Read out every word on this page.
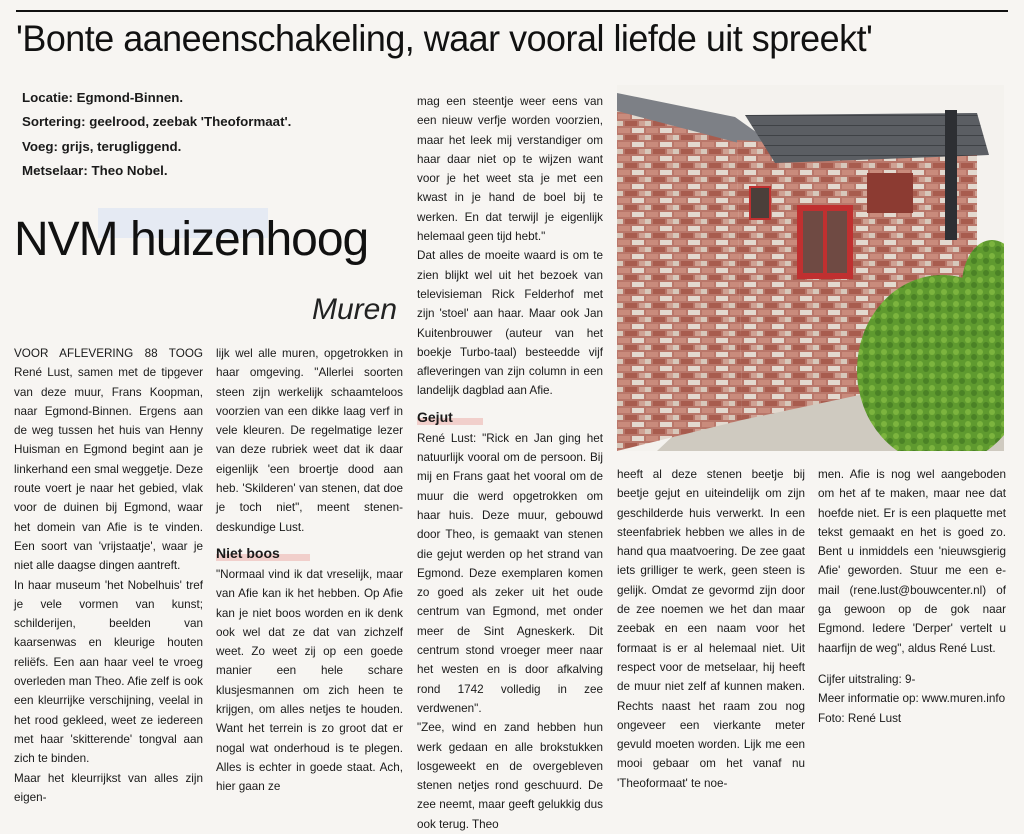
'Bonte aaneenschakeling, waar vooral liefde uit spreekt'
Locatie: Egmond-Binnen.
Sortering: geelrood, zeebak 'Theoformaat'.
Voeg: grijs, terugliggend.
Metselaar: Theo Nobel.
NVM huizenhoog
Muren

VOOR AFLEVERING 88 TOOG René Lust, samen met de tipgever van deze muur, Frans Koopman, naar Egmond-Binnen. Ergens aan de weg tussen het huis van Henny Huisman en Egmond begint aan je linkerhand een smal weggetje. Deze route voert je naar het gebied, vlak voor de duinen bij Egmond, waar het domein van Afie is te vinden. Een soort van 'vrijstaatje', waar je niet alle daagse dingen aantreft.

In haar museum 'het Nobelhuis' tref je vele vormen van kunst; schilderijen, beelden van kaarsenwas en kleurige houten reliëfs. Een aan haar veel te vroeg overleden man Theo. Afie zelf is ook een kleurrijke verschijning, veelal in het rood gekleed, weet ze iedereen met haar 'skitterende' tongval aan zich te binden.

Maar het kleurrijkst van alles zijn eigen-

lijk wel alle muren, opgetrokken in haar omgeving. "Allerlei soorten steen zijn werkelijk schaamteloos voorzien van een dikke laag verf in vele kleuren. De regelmatige lezer van deze rubriek weet dat ik daar eigenlijk 'een broertje dood aan heb. 'Skilderen' van stenen, dat doe je toch niet", meent stenen-deskundige Lust.

Niet boos

"Normaal vind ik dat vreselijk, maar van Afie kan ik het hebben. Op Afie kan je niet boos worden en ik denk ook wel dat ze dat van zichzelf weet. Zo weet zij op een goede manier een hele schare klusjesmannen om zich heen te krijgen, om alles netjes te houden. Want het terrein is zo groot dat er nogal wat onderhoud is te plegen. Alles is echter in goede staat. Ach, hier gaan ze

mag een steentje weer eens van een nieuw verfje worden voorzien, maar het leek mij verstandiger om haar daar niet op te wijzen want voor je het weet sta je met een kwast in je hand de boel bij te werken. En dat terwijl je eigenlijk helemaal geen tijd hebt."

Dat alles de moeite waard is om te zien blijkt wel uit het bezoek van televisieman Rick Felderhof met zijn 'stoel' aan haar. Maar ook Jan Kuitenbrouwer (auteur van het boekje Turbo-taal) besteedde vijf afleveringen van zijn column in een landelijk dagblad aan Afie.

Gejut

René Lust: "Rick en Jan ging het natuurlijk vooral om de persoon. Bij mij en Frans gaat het vooral om de muur die werd opgetrokken om haar huis. Deze muur, gebouwd door Theo, is gemaakt van stenen die gejut werden op het strand van Egmond. Deze exemplaren komen zo goed als zeker uit het oude centrum van Egmond, met onder meer de Sint Agneskerk. Dit centrum stond vroeger meer naar het westen en is door afkalving rond 1742 volledig in zee verdwenen".

"Zee, wind en zand hebben hun werk gedaan en alle brokstukken losgeweekt en de overgebleven stenen netjes rond geschuurd. De zee neemt, maar geeft gelukkig dus ook terug. Theo

heeft al deze stenen beetje bij beetje gejut en uiteindelijk om zijn geschilderde huis verwerkt. In een steenfabriek hebben we alles in de hand qua maatvoering. De zee gaat iets grilliger te werk, geen steen is gelijk. Omdat ze gevormd zijn door de zee noemen we het dan maar zeebak en een naam voor het formaat is er al helemaal niet. Uit respect voor de metselaar, hij heeft de muur niet zelf af kunnen maken. Rechts naast het raam zou nog ongeveer een vierkante meter gevuld moeten worden. Lijk me een mooi gebaar om het vanaf nu 'Theoformaat' te noe-

men. Afie is nog wel aangeboden om het af te maken, maar nee dat hoefde niet. Er is een plaquette met tekst gemaakt en het is goed zo. Bent u inmiddels een 'nieuwsgierig Afie' geworden. Stuur me een e-mail (rene.lust@bouwcenter.nl) of ga gewoon op de gok naar Egmond. Iedere 'Derper' vertelt u haarfijn de weg", aldus René Lust.

Cijfer uitstraling: 9-

Meer informatie op: www.muren.info

Foto: René Lust
